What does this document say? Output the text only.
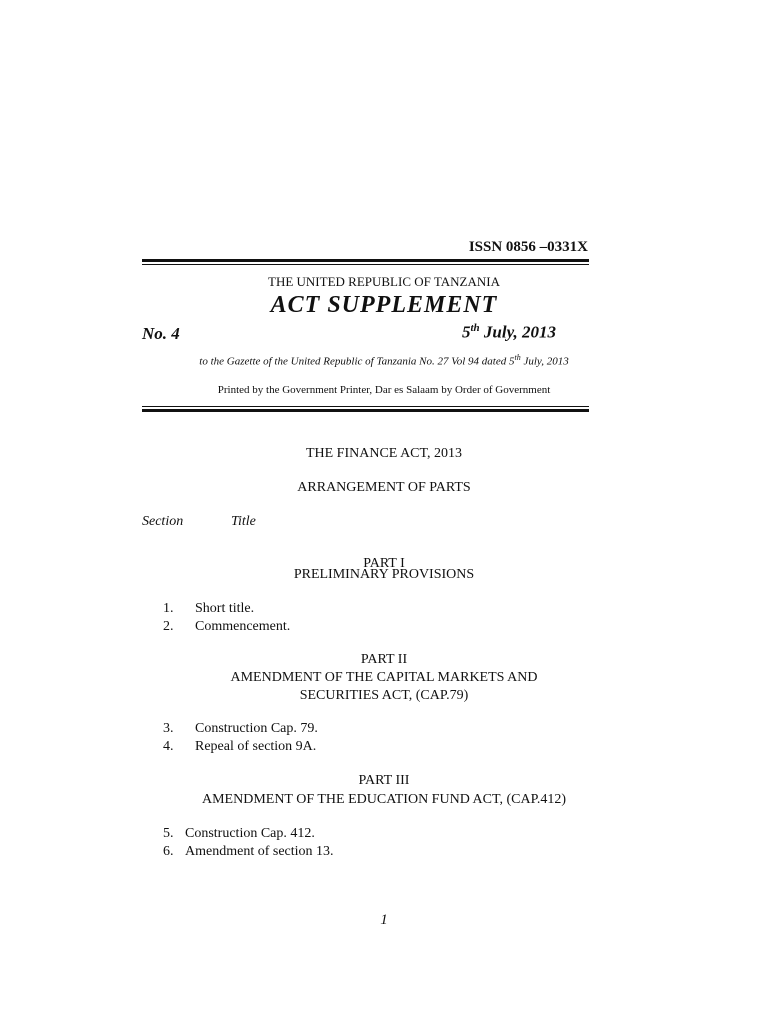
ISSN 0856 –0331X
THE UNITED REPUBLIC OF TANZANIA
ACT SUPPLEMENT
No. 4	5th July, 2013
to the Gazette of the United Republic of Tanzania No. 27 Vol 94 dated 5th July, 2013
Printed by the Government Printer, Dar es Salaam by Order of Government
THE FINANCE ACT, 2013
ARRANGEMENT OF PARTS
Section	Title
PART I
PRELIMINARY PROVISIONS
1. Short title.
2. Commencement.
PART II
AMENDMENT OF THE CAPITAL MARKETS AND
SECURITIES ACT, (CAP.79)
3. Construction Cap. 79.
4. Repeal of section 9A.
PART III
AMENDMENT OF THE EDUCATION FUND ACT, (CAP.412)
5. Construction Cap. 412.
6. Amendment of section 13.
1
